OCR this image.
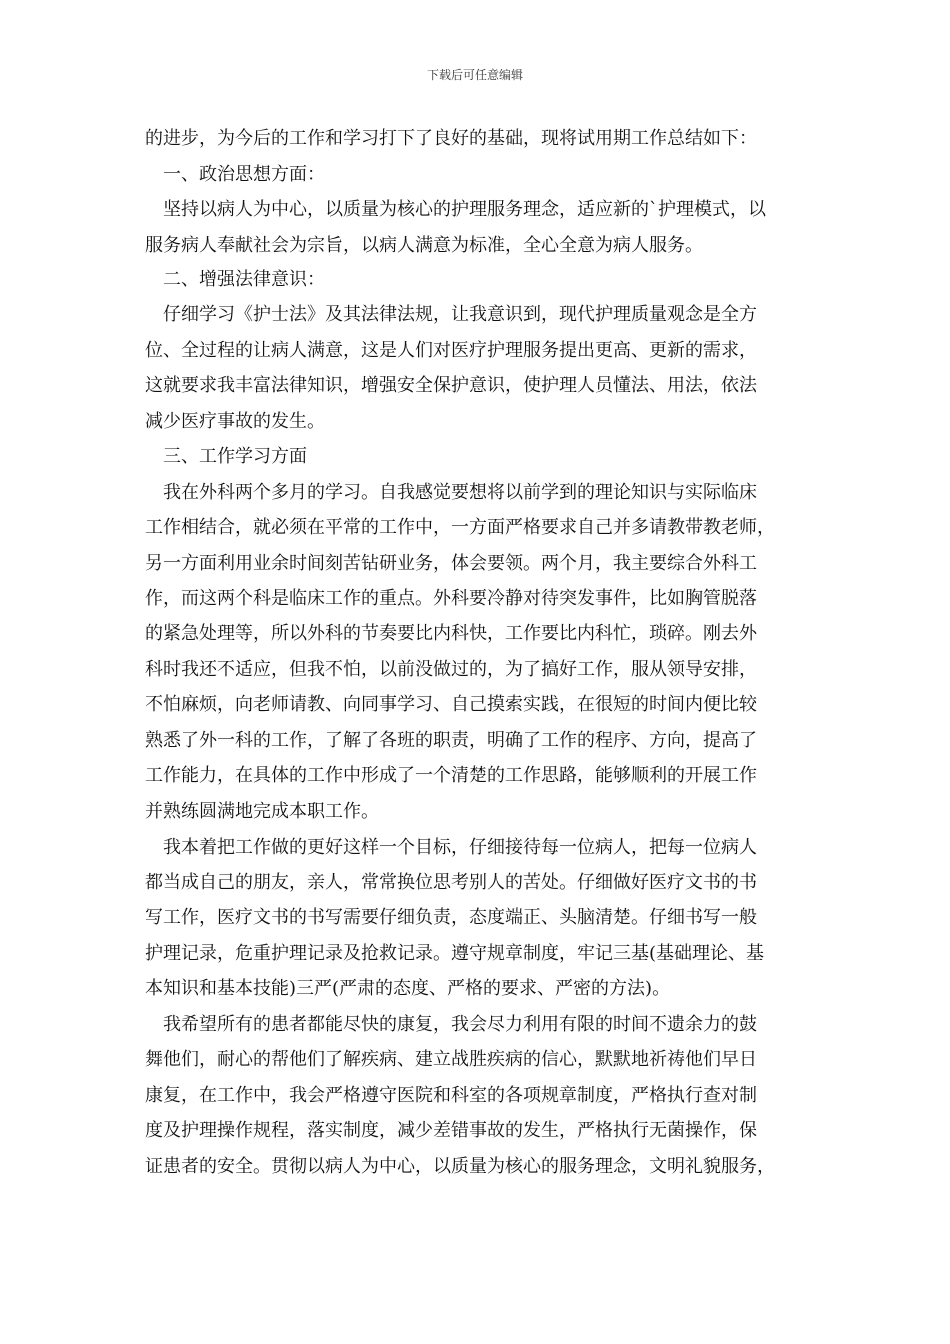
下载后可任意编辑
的进步，为今后的工作和学习打下了良好的基础，现将试用期工作总结如下：
　一、政治思想方面：
　坚持以病人为中心，以质量为核心的护理服务理念，适应新的`护理模式，以
服务病人奉献社会为宗旨，以病人满意为标准，全心全意为病人服务。
　二、增强法律意识：
　仔细学习《护士法》及其法律法规，让我意识到，现代护理质量观念是全方
位、全过程的让病人满意，这是人们对医疗护理服务提出更高、更新的需求，
这就要求我丰富法律知识，增强安全保护意识，使护理人员懂法、用法，依法
减少医疗事故的发生。
　三、工作学习方面
　我在外科两个多月的学习。自我感觉要想将以前学到的理论知识与实际临床
工作相结合，就必须在平常的工作中，一方面严格要求自己并多请教带教老师，
另一方面利用业余时间刻苦钻研业务，体会要领。两个月，我主要综合外科工
作，而这两个科是临床工作的重点。外科要冷静对待突发事件，比如胸管脱落
的紧急处理等，所以外科的节奏要比内科快，工作要比内科忙，琐碎。刚去外
科时我还不适应，但我不怕，以前没做过的，为了搞好工作，服从领导安排，
不怕麻烦，向老师请教、向同事学习、自己摸索实践，在很短的时间内便比较
熟悉了外一科的工作，了解了各班的职责，明确了工作的程序、方向，提高了
工作能力，在具体的工作中形成了一个清楚的工作思路，能够顺利的开展工作
并熟练圆满地完成本职工作。
　我本着把工作做的更好这样一个目标，仔细接待每一位病人，把每一位病人
都当成自己的朋友，亲人，常常换位思考别人的苦处。仔细做好医疗文书的书
写工作，医疗文书的书写需要仔细负责，态度端正、头脑清楚。仔细书写一般
护理记录，危重护理记录及抢救记录。遵守规章制度，牢记三基(基础理论、基
本知识和基本技能)三严(严肃的态度、严格的要求、严密的方法)。
　我希望所有的患者都能尽快的康复，我会尽力利用有限的时间不遗余力的鼓
舞他们，耐心的帮他们了解疾病、建立战胜疾病的信心，默默地祈祷他们早日
康复，在工作中，我会严格遵守医院和科室的各项规章制度，严格执行查对制
度及护理操作规程，落实制度，减少差错事故的发生，严格执行无菌操作，保
证患者的安全。贯彻以病人为中心，以质量为核心的服务理念，文明礼貌服务，
